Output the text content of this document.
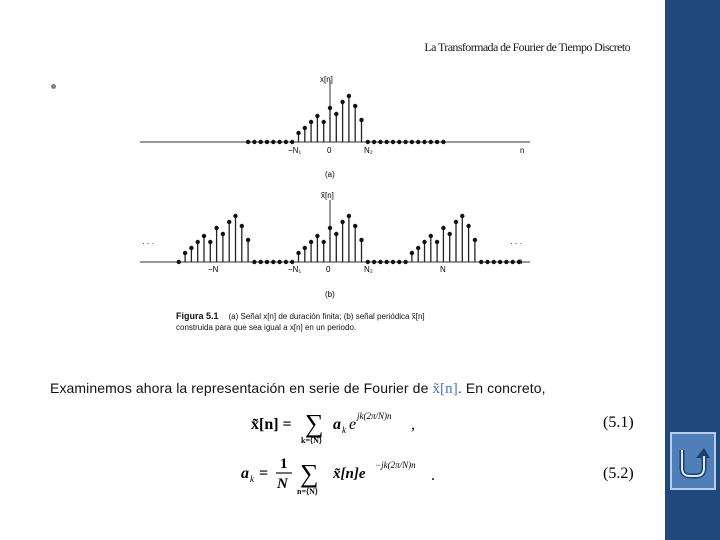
La Transformada de Fourier de Tiempo Discreto
x[n]
−N₁	0	N₂	n
(a)
x̃[n]
· · ·	· · ·
−N	−N₁	0	N₂	N
n
(b)
Figura 5.1 (a) Señal x[n] de duración finita; (b) señal periódica x̃[n]
construida para que sea igual a x[n] en un periodo.
Examinemos ahora la representación en serie de Fourier de x̃[n]. En concreto,
x̃[n] = ∑
k=⟨N⟩
a k e jk(2π/N)n ,	(5.1)
a k =
1
N ∑
n=⟨N⟩
x̃[n]e
−jk(2π/N)n
.	(5.2)
